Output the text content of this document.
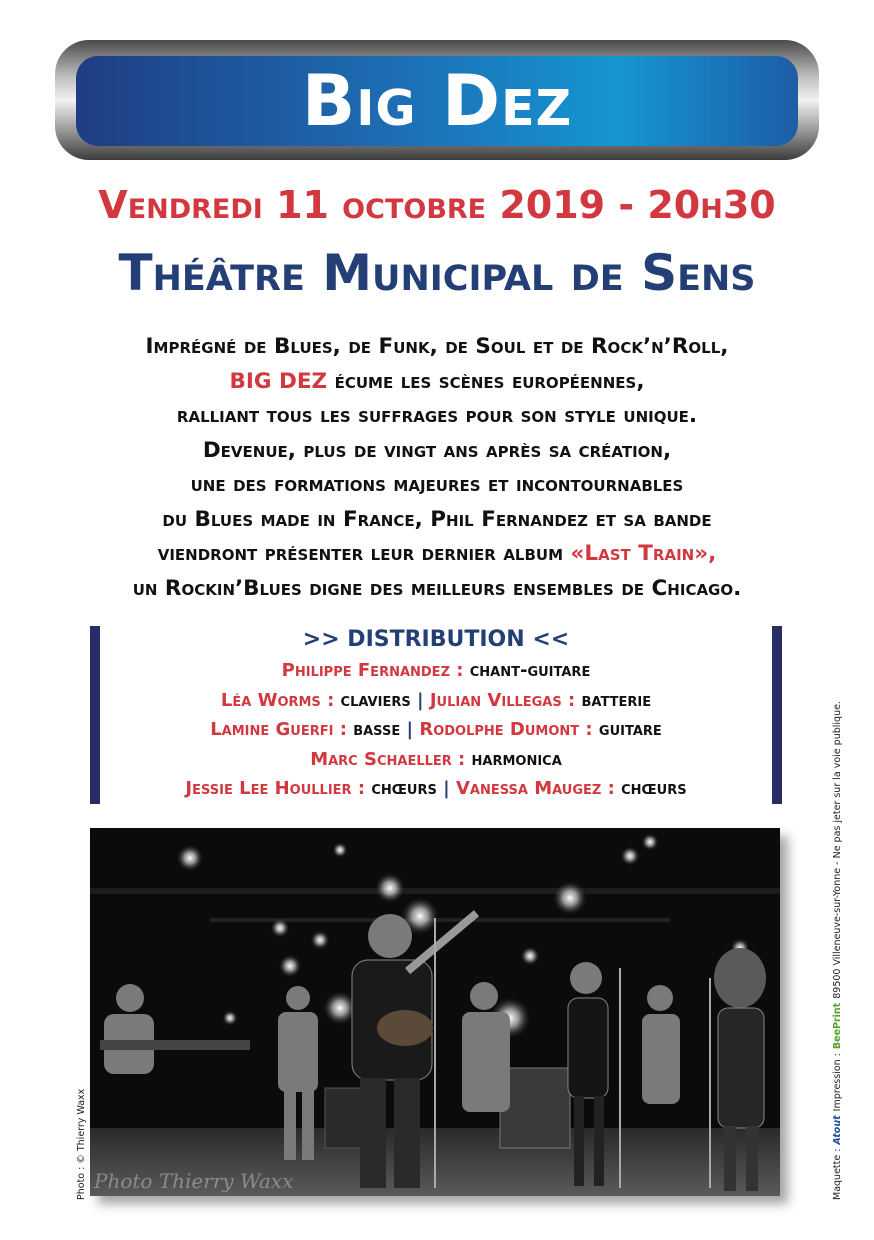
Big Dez
Vendredi 11 octobre 2019 - 20h30
Théâtre Municipal de Sens
Imprégné de Blues, de Funk, de Soul et de Rock’n’Roll,
BIG DEZ écume les scènes européennes,
ralliant tous les suffrages pour son style unique.
Devenue, plus de vingt ans après sa création,
une des formations majeures et incontournables
du Blues made in France, Phil Fernandez et sa bande
viendront présenter leur dernier album «Last Train»,
un Rockin’Blues digne des meilleurs ensembles de Chicago.
>> DISTRIBUTION <<
Philippe Fernandez : chant-guitare
Léa Worms : claviers | Julian Villegas : batterie
Lamine Guerfi : basse | Rodolphe Dumont : guitare
Marc Schaeller : harmonica
Jessie Lee Houllier : chœurs | Vanessa Maugez : chœurs
Photo Thierry Waxx
Photo : © Thierry Waxx	Maquette :
Atout
Impression :
BeePrint
89500 Villeneuve-sur-Yonne - Ne pas jeter sur la voie publique.
